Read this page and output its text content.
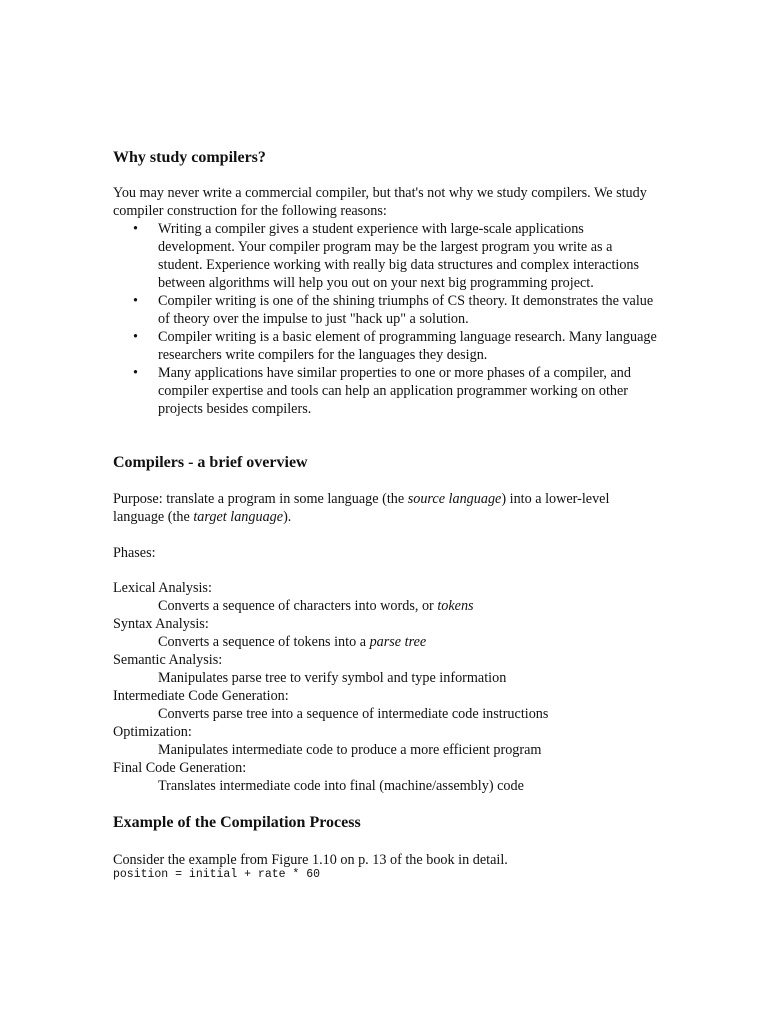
Why study compilers?

You may never write a commercial compiler, but that's not why we study compilers. We study compiler construction for the following reasons:

• Writing a compiler gives a student experience with large-scale applications development. Your compiler program may be the largest program you write as a student. Experience working with really big data structures and complex interactions between algorithms will help you out on your next big programming project.
• Compiler writing is one of the shining triumphs of CS theory. It demonstrates the value of theory over the impulse to just "hack up" a solution.
• Compiler writing is a basic element of programming language research. Many language researchers write compilers for the languages they design.
• Many applications have similar properties to one or more phases of a compiler, and compiler expertise and tools can help an application programmer working on other projects besides compilers.
Compilers - a brief overview

Purpose: translate a program in some language (the source language) into a lower-level language (the target language).

Phases:

Lexical Analysis:
Converts a sequence of characters into words, or tokens
Syntax Analysis:
Converts a sequence of tokens into a parse tree
Semantic Analysis:
Manipulates parse tree to verify symbol and type information
Intermediate Code Generation:
Converts parse tree into a sequence of intermediate code instructions
Optimization:
Manipulates intermediate code to produce a more efficient program
Final Code Generation:
Translates intermediate code into final (machine/assembly) code
Example of the Compilation Process

Consider the example from Figure 1.10 on p. 13 of the book in detail.

position = initial + rate * 60
